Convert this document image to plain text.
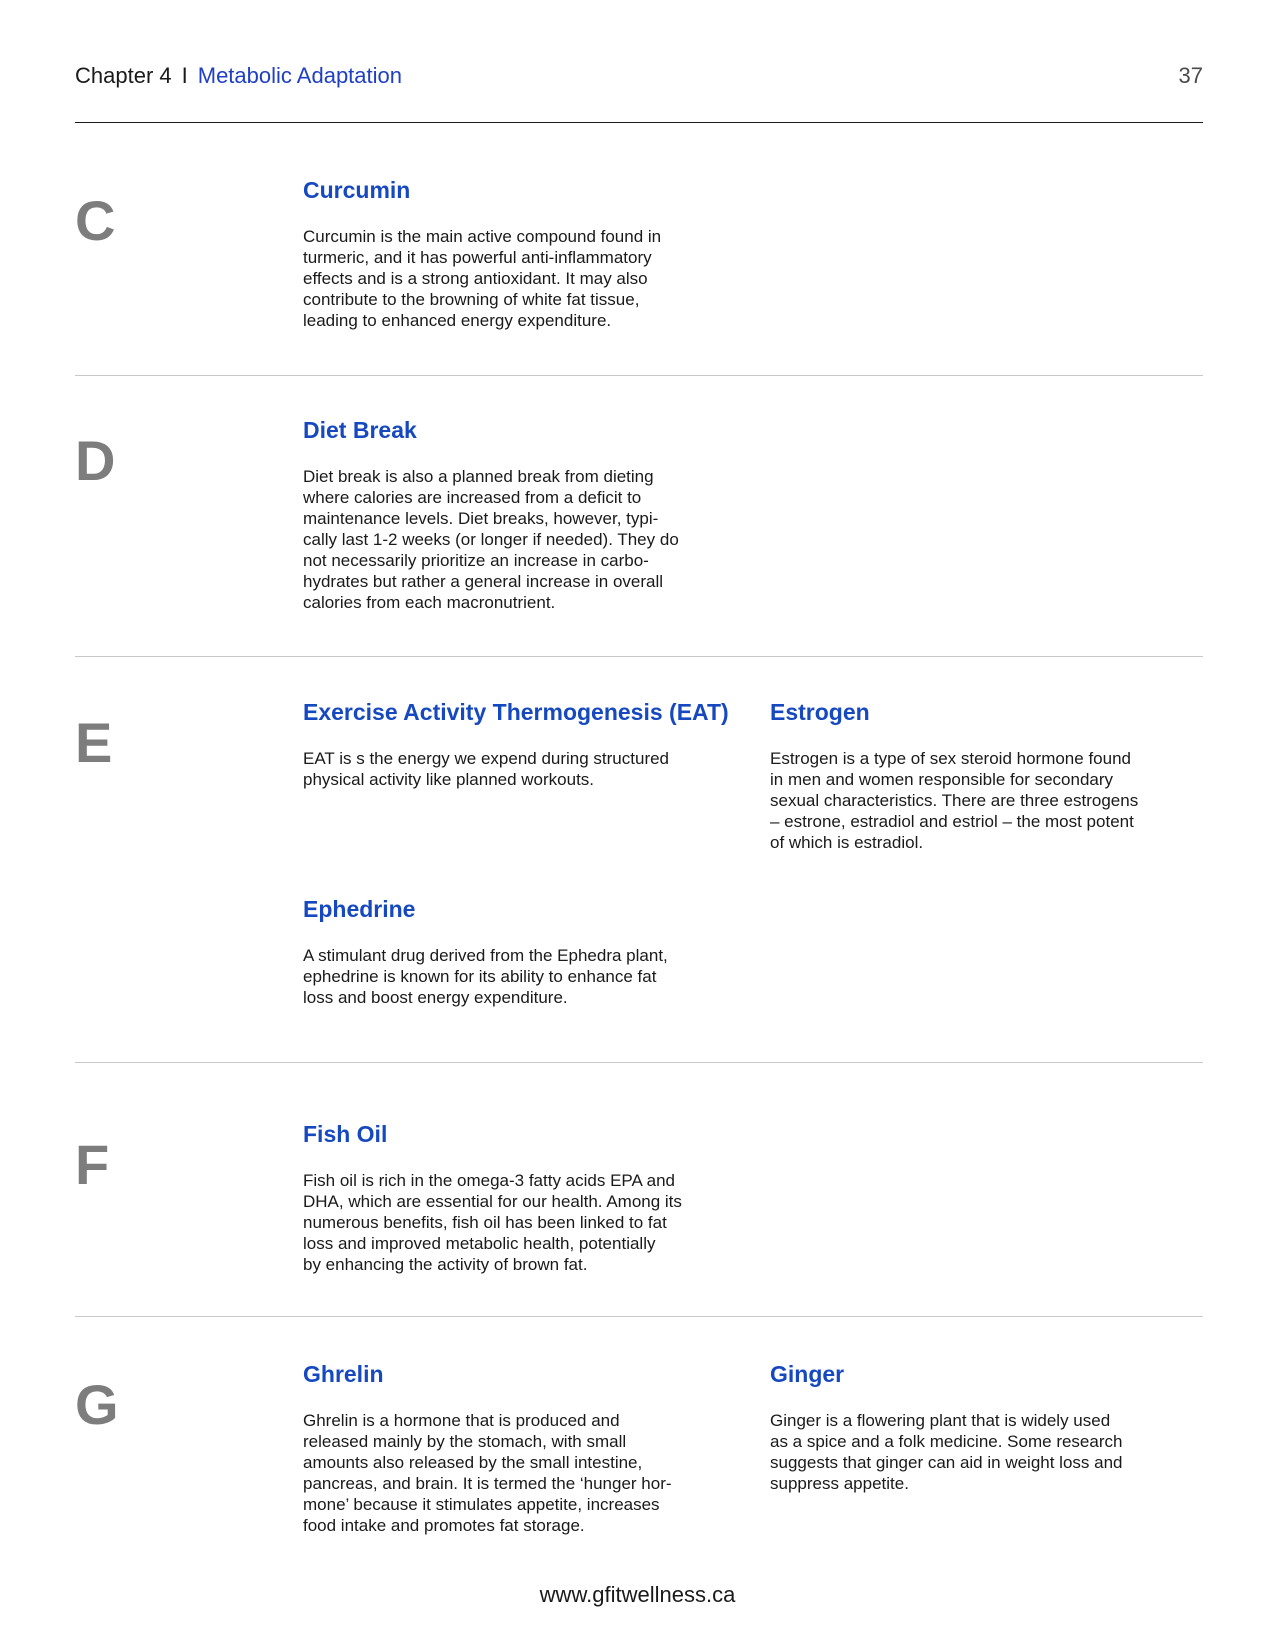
Chapter 4 I Metabolic Adaptation	37
C	Curcumin
Curcumin is the main active compound found in
turmeric, and it has powerful anti-inflammatory
effects and is a strong antioxidant. It may also
contribute to the browning of white fat tissue,
leading to enhanced energy expenditure.
D	Diet Break
Diet break is also a planned break from dieting
where calories are increased from a deficit to
maintenance levels. Diet breaks, however, typi-
cally last 1-2 weeks (or longer if needed). They do
not necessarily prioritize an increase in carbo-
hydrates but rather a general increase in overall
calories from each macronutrient.
E	Exercise Activity Thermogenesis (EAT)
EAT is s the energy we expend during structured
physical activity like planned workouts.
Estrogen
Estrogen is a type of sex steroid hormone found
in men and women responsible for secondary
sexual characteristics. There are three estrogens
– estrone, estradiol and estriol – the most potent
of which is estradiol.
Ephedrine
A stimulant drug derived from the Ephedra plant,
ephedrine is known for its ability to enhance fat
loss and boost energy expenditure.
F	Fish Oil
Fish oil is rich in the omega-3 fatty acids EPA and
DHA, which are essential for our health. Among its
numerous benefits, fish oil has been linked to fat
loss and improved metabolic health, potentially
by enhancing the activity of brown fat.
G	Ghrelin
Ghrelin is a hormone that is produced and
released mainly by the stomach, with small
amounts also released by the small intestine,
pancreas, and brain. It is termed the ‘hunger hor-
mone’ because it stimulates appetite, increases
food intake and promotes fat storage.
Ginger
Ginger is a flowering plant that is widely used
as a spice and a folk medicine. Some research
suggests that ginger can aid in weight loss and
suppress appetite.
www.gfitwellness.ca
